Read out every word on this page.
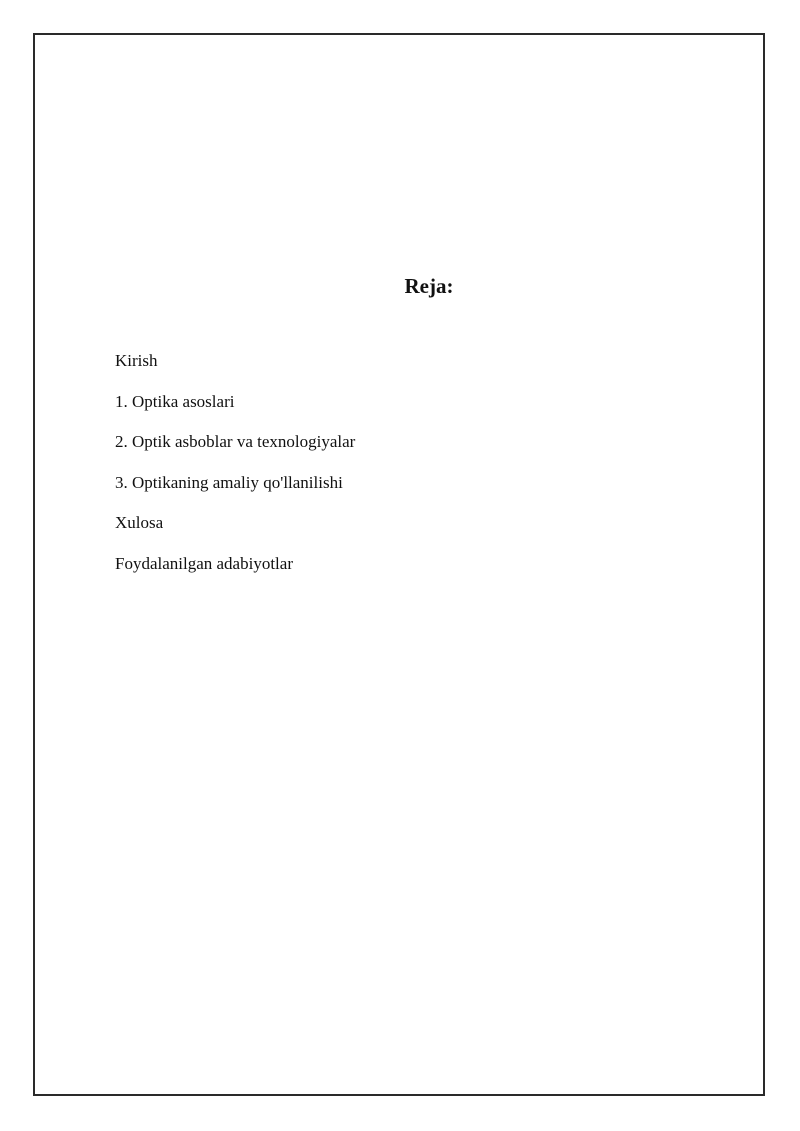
Reja:
Kirish
1. Optika asoslari
2. Optik asboblar va texnologiyalar
3. Optikaning amaliy qo'llanilishi
Xulosa
Foydalanilgan adabiyotlar
